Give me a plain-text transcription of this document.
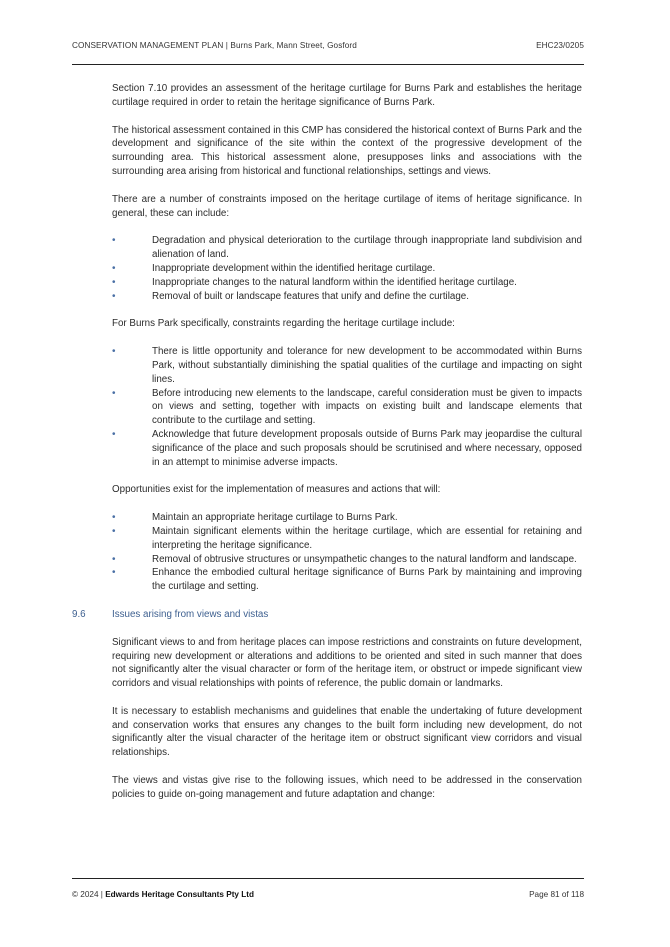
CONSERVATION MANAGEMENT PLAN | Burns Park, Mann Street, Gosford	EHC23/0205

Section 7.10 provides an assessment of the heritage curtilage for Burns Park and establishes the heritage curtilage required in order to retain the heritage significance of Burns Park.

The historical assessment contained in this CMP has considered the historical context of Burns Park and the development and significance of the site within the context of the progressive development of the surrounding area. This historical assessment alone, presupposes links and associations with the surrounding area arising from historical and functional relationships, settings and views.

There are a number of constraints imposed on the heritage curtilage of items of heritage significance. In general, these can include:

•	Degradation and physical deterioration to the curtilage through inappropriate land subdivision and alienation of land.
•	Inappropriate development within the identified heritage curtilage.
•	Inappropriate changes to the natural landform within the identified heritage curtilage.
•	Removal of built or landscape features that unify and define the curtilage.

For Burns Park specifically, constraints regarding the heritage curtilage include:

•	There is little opportunity and tolerance for new development to be accommodated within Burns Park, without substantially diminishing the spatial qualities of the curtilage and impacting on sight lines.
•	Before introducing new elements to the landscape, careful consideration must be given to impacts on views and setting, together with impacts on existing built and landscape elements that contribute to the curtilage and setting.
•	Acknowledge that future development proposals outside of Burns Park may jeopardise the cultural significance of the place and such proposals should be scrutinised and where necessary, opposed in an attempt to minimise adverse impacts.

Opportunities exist for the implementation of measures and actions that will:

•	Maintain an appropriate heritage curtilage to Burns Park.
•	Maintain significant elements within the heritage curtilage, which are essential for retaining and interpreting the heritage significance.
•	Removal of obtrusive structures or unsympathetic changes to the natural landform and landscape.
•	Enhance the embodied cultural heritage significance of Burns Park by maintaining and improving the curtilage and setting.
9.6	Issues arising from views and vistas

Significant views to and from heritage places can impose restrictions and constraints on future development, requiring new development or alterations and additions to be oriented and sited in such manner that does not significantly alter the visual character or form of the heritage item, or obstruct or impede significant view corridors and visual relationships with points of reference, the public domain or landmarks.

It is necessary to establish mechanisms and guidelines that enable the undertaking of future development and conservation works that ensures any changes to the built form including new development, do not significantly alter the visual character of the heritage item or obstruct significant view corridors and visual relationships.

The views and vistas give rise to the following issues, which need to be addressed in the conservation policies to guide on-going management and future adaptation and change:

© 2024 | Edwards Heritage Consultants Pty Ltd	Page 81 of 118
